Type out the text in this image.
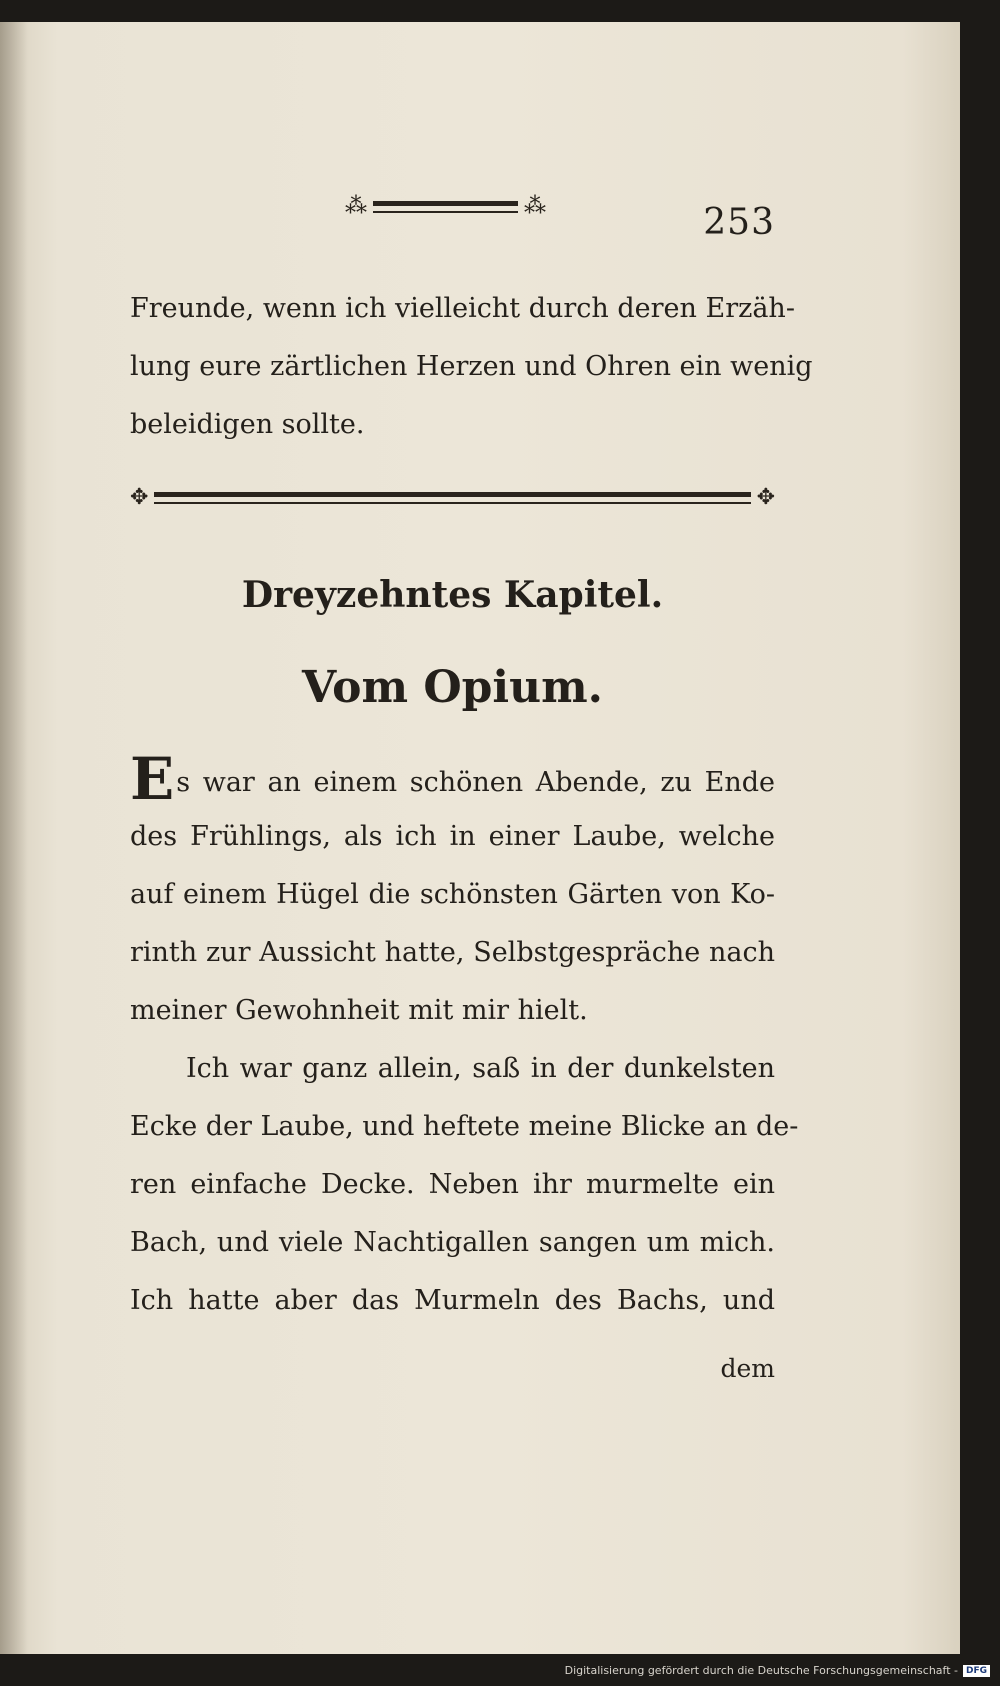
⁂	⁂	253
Freunde, wenn ich vielleicht durch deren Erzäh-
lung eure zärtlichen Herzen und Ohren ein wenig
beleidigen sollte.
✥	✥
Dreyzehntes Kapitel.
Vom Opium.
Es war an einem schönen Abende, zu Ende
des Frühlings, als ich in einer Laube, welche
auf einem Hügel die schönsten Gärten von Ko-
rinth zur Aussicht hatte, Selbstgespräche nach
meiner Gewohnheit mit mir hielt.
Ich war ganz allein, saß in der dunkelsten
Ecke der Laube, und heftete meine Blicke an de-
ren einfache Decke. Neben ihr murmelte ein
Bach, und viele Nachtigallen sangen um mich.
Ich hatte aber das Murmeln des Bachs, und
dem
Digitalisierung gefördert durch die Deutsche Forschungsgemeinschaft - DFG
